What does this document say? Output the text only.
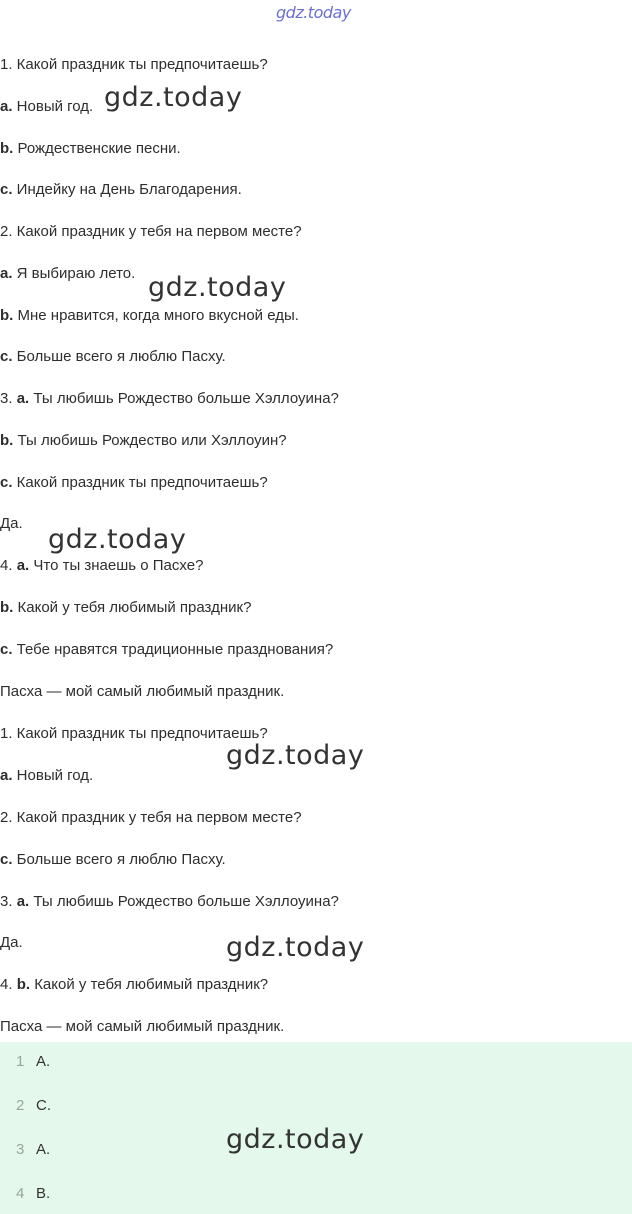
gdz.today
1. Какой праздник ты предпочитаешь?
a. Новый год.
b. Рождественские песни.
c. Индейку на День Благодарения.
2. Какой праздник у тебя на первом месте?
a. Я выбираю лето.
b. Мне нравится, когда много вкусной еды.
c. Больше всего я люблю Пасху.
3. a. Ты любишь Рождество больше Хэллоуина?
b. Ты любишь Рождество или Хэллоуин?
c. Какой праздник ты предпочитаешь?
Да.
4. a. Что ты знаешь о Пасхе?
b. Какой у тебя любимый праздник?
c. Тебе нравятся традиционные празднования?
Пасха — мой самый любимый праздник.
1. Какой праздник ты предпочитаешь?
a. Новый год.
2. Какой праздник у тебя на первом месте?
c. Больше всего я люблю Пасху.
3. a. Ты любишь Рождество больше Хэллоуина?
Да.
4. b. Какой у тебя любимый праздник?
Пасха — мой самый любимый праздник.
gdz.today
gdz.today
gdz.today
gdz.today
gdz.today
1 A.
2 C.
3 A.
4 B.
gdz.today
